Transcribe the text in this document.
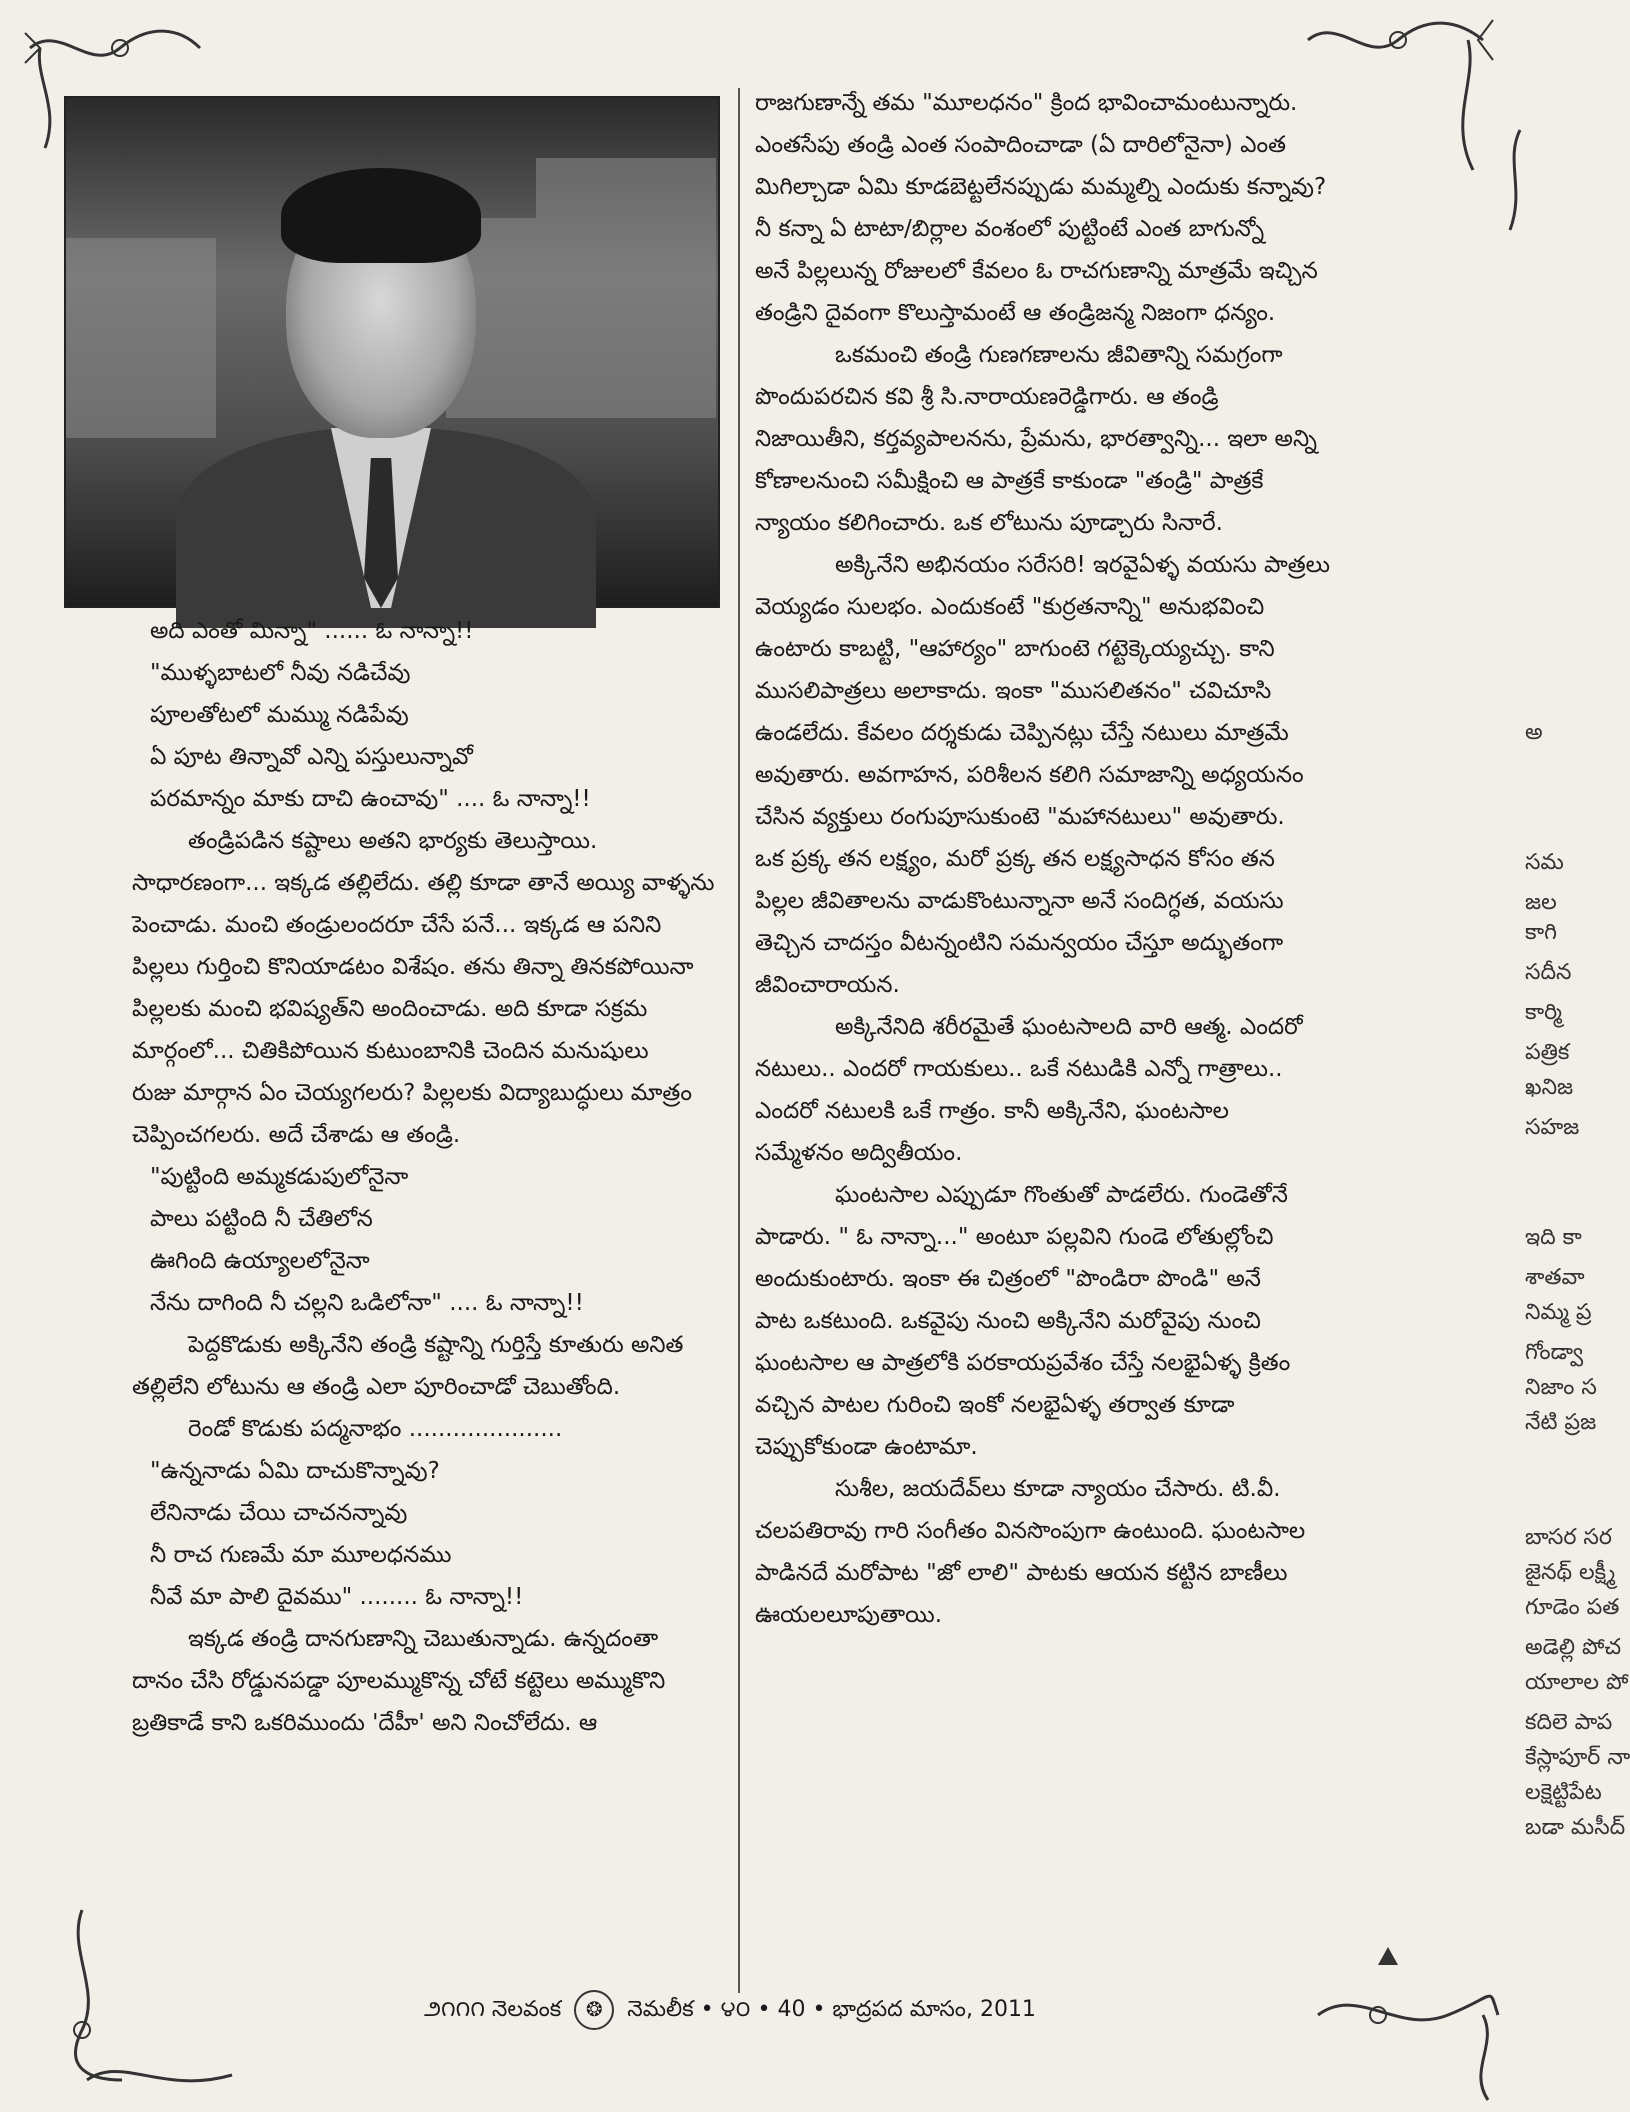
అది ఎంతో మిన్నా" ...... ఓ నాన్నా!!

"ముళ్ళబాటలో నీవు నడిచేవు

పూలతోటలో మమ్ము నడిపేవు

ఏ పూట తిన్నావో ఎన్ని పస్తులున్నావో

పరమాన్నం మాకు దాచి ఉంచావు" .... ఓ నాన్నా!!

తండ్రిపడిన కష్టాలు అతని భార్యకు తెలుస్తాయి.

సాధారణంగా... ఇక్కడ తల్లిలేదు. తల్లి కూడా తానే అయ్యి వాళ్ళను

పెంచాడు. మంచి తండ్రులందరూ చేసే పనే... ఇక్కడ ఆ పనిని

పిల్లలు గుర్తించి కొనియాడటం విశేషం. తను తిన్నా తినకపోయినా

పిల్లలకు మంచి భవిష్యత్‌ని అందించాడు. అది కూడా సక్రమ

మార్గంలో... చితికిపోయిన కుటుంబానికి చెందిన మనుషులు

రుజు మార్గాన ఏం చెయ్యగలరు? పిల్లలకు విద్యాబుద్ధులు మాత్రం

చెప్పించగలరు. అదే చేశాడు ఆ తండ్రి.

"పుట్టింది అమ్మకడుపులోనైనా

పాలు పట్టింది నీ చేతిలోన

ఊగింది ఉయ్యాలలోనైనా

నేను దాగింది నీ చల్లని ఒడిలోనా" .... ఓ నాన్నా!!

పెద్దకొడుకు అక్కినేని తండ్రి కష్టాన్ని గుర్తిస్తే కూతురు అనిత

తల్లిలేని లోటును ఆ తండ్రి ఎలా పూరించాడో చెబుతోంది.

రెండో కొడుకు పద్మనాభం .....................

"ఉన్ననాడు ఏమి దాచుకొన్నావు?

లేనినాడు చేయి చాచనన్నావు

నీ రాచ గుణమే మా మూలధనము

నీవే మా పాలి దైవము" ........ ఓ నాన్నా!!

ఇక్కడ తండ్రి దానగుణాన్ని చెబుతున్నాడు. ఉన్నదంతా

దానం చేసి రోడ్డునపడ్డా పూలమ్ముకొన్న చోటే కట్టెలు అమ్ముకొని

బ్రతికాడే కాని ఒకరిముందు 'దేహీ' అని నించోలేదు. ఆ

రాజగుణాన్నే తమ "మూలధనం" క్రింద భావించామంటున్నారు.

ఎంతసేపు తండ్రి ఎంత సంపాదించాడా (ఏ దారిలోనైనా) ఎంత

మిగిల్చాడా ఏమి కూడబెట్టలేనప్పుడు మమ్మల్ని ఎందుకు కన్నావు?

నీ కన్నా ఏ టాటా/బిర్లాల వంశంలో పుట్టింటే ఎంత బాగున్నో

అనే పిల్లలున్న రోజులలో కేవలం ఓ రాచగుణాన్ని మాత్రమే ఇచ్చిన

తండ్రిని దైవంగా కొలుస్తామంటే ఆ తండ్రిజన్మ నిజంగా ధన్యం.

ఒకమంచి తండ్రి గుణగణాలను జీవితాన్ని సమగ్రంగా

పొందుపరచిన కవి శ్రీ సి.నారాయణరెడ్డిగారు. ఆ తండ్రి

నిజాయితీని, కర్తవ్యపాలనను, ప్రేమను, భారత్వాన్ని... ఇలా అన్ని

కోణాలనుంచి సమీక్షించి ఆ పాత్రకే కాకుండా "తండ్రి" పాత్రకే

న్యాయం కలిగించారు. ఒక లోటును పూడ్చారు సినారే.

అక్కినేని అభినయం సరేసరి! ఇరవైఏళ్ళ వయసు పాత్రలు

వెయ్యడం సులభం. ఎందుకంటే "కుర్రతనాన్ని" అనుభవించి

ఉంటారు కాబట్టి, "ఆహార్యం" బాగుంటె గట్టెక్కెయ్యచ్చు. కాని

ముసలిపాత్రలు అలాకాదు. ఇంకా "ముసలితనం" చవిచూసి

ఉండలేదు. కేవలం దర్శకుడు చెప్పినట్లు చేస్తే నటులు మాత్రమే

అవుతారు. అవగాహన, పరిశీలన కలిగి సమాజాన్ని అధ్యయనం

చేసిన వ్యక్తులు రంగుపూసుకుంటె "మహానటులు" అవుతారు.

ఒక ప్రక్క తన లక్ష్యం, మరో ప్రక్క తన లక్ష్యసాధన కోసం తన

పిల్లల జీవితాలను వాడుకొంటున్నానా అనే సందిగ్ధత, వయసు

తెచ్చిన చాదస్తం వీటన్నంటిని సమన్వయం చేస్తూ అద్భుతంగా

జీవించారాయన.

అక్కినేనిది శరీరమైతే ఘంటసాలది వారి ఆత్మ. ఎందరో

నటులు.. ఎందరో గాయకులు.. ఒకే నటుడికి ఎన్నో గాత్రాలు..

ఎందరో నటులకి ఒకే గాత్రం. కానీ అక్కినేని, ఘంటసాల

సమ్మేళనం అద్వితీయం.

ఘంటసాల ఎప్పుడూ గొంతుతో పాడలేరు. గుండెతోనే

పాడారు. " ఓ నాన్నా..." అంటూ పల్లవిని గుండె లోతుల్లోంచి

అందుకుంటారు. ఇంకా ఈ చిత్రంలో "పొండిరా పొండి" అనే

పాట ఒకటుంది. ఒకవైపు నుంచి అక్కినేని మరోవైపు నుంచి

ఘంటసాల ఆ పాత్రలోకి పరకాయప్రవేశం చేస్తే నలభైఏళ్ళ క్రితం

వచ్చిన పాటల గురించి ఇంకో నలభైఏళ్ళ తర్వాత కూడా

చెప్పుకోకుండా ఉంటామా.

సుశీల, జయదేవ్‌లు కూడా న్యాయం చేసారు. టి.వీ.

చలపతిరావు గారి సంగీతం వినసొంపుగా ఉంటుంది. ఘంటసాల

పాడినదే మరోపాట "జో లాలి" పాటకు ఆయన కట్టిన బాణీలు

ఊయలలూపుతాయి.

౨౧౧౧ నెలవంక ❂ నెమలీక • ౪౦ • 40 • భాద్రపద మాసం, 2011
అ
సమ
జల
కాగి
సదీన
కార్మి
పత్రిక
ఖనిజ
సహజ
ఇది కా
శాతవా
నిమ్మ ప్ర
గోండ్వా
నిజాం స
నేటి ప్రజ
బాసర సర
జైనథ్ లక్ష్మీ
గూడెం పత
అడెల్లి పోచ
యాలాల పో
కదిలె పాప
కేస్లాపూర్ నా
లక్షెట్టిపేట
బడా మసీద్
